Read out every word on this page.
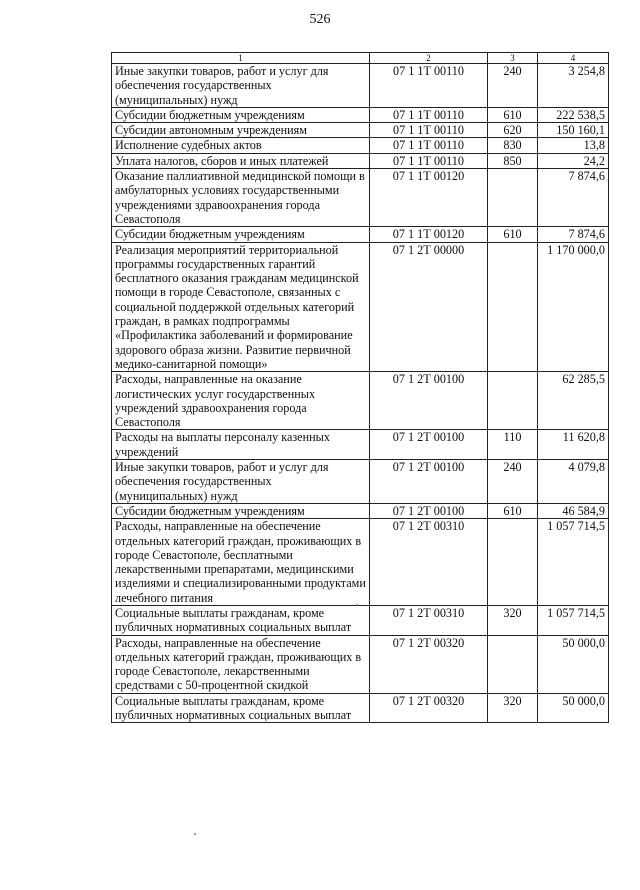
526
1	2	3	4
Иные закупки товаров, работ и услуг для обеспечения государственных (муниципальных) нужд	07 1 1Т 00110	240	3 254,8
Субсидии бюджетным учреждениям	07 1 1Т 00110	610	222 538,5
Субсидии автономным учреждениям	07 1 1Т 00110	620	150 160,1
Исполнение судебных актов	07 1 1Т 00110	830	13,8
Уплата налогов, сборов и иных платежей	07 1 1Т 00110	850	24,2
Оказание паллиативной медицинской помощи в амбулаторных условиях государственными учреждениями здравоохранения города Севастополя	07 1 1Т 00120		7 874,6
Субсидии бюджетным учреждениям	07 1 1Т 00120	610	7 874,6
Реализация мероприятий территориальной программы государственных гарантий бесплатного оказания гражданам медицинской помощи в городе Севастополе, связанных с социальной поддержкой отдельных категорий граждан, в рамках подпрограммы «Профилактика заболеваний и формирование здорового образа жизни. Развитие первичной медико-санитарной помощи»	07 1 2Т 00000		1 170 000,0
Расходы, направленные на оказание логистических услуг государственных учреждений здравоохранения города Севастополя	07 1 2Т 00100		62 285,5
Расходы на выплаты персоналу казенных учреждений	07 1 2Т 00100	110	11 620,8
Иные закупки товаров, работ и услуг для обеспечения государственных (муниципальных) нужд	07 1 2Т 00100	240	4 079,8
Субсидии бюджетным учреждениям	07 1 2Т 00100	610	46 584,9
Расходы, направленные на обеспечение отдельных категорий граждан, проживающих в городе Севастополе, бесплатными лекарственными препаратами, медицинскими изделиями и специализированными продуктами лечебного питания	07 1 2Т 00310		1 057 714,5
Социальные выплаты гражданам, кроме публичных нормативных социальных выплат	07 1 2Т 00310	320	1 057 714,5
Расходы, направленные на обеспечение отдельных категорий граждан, проживающих в городе Севастополе, лекарственными средствами с 50-процентной скидкой	07 1 2Т 00320		50 000,0
Социальные выплаты гражданам, кроме публичных нормативных социальных выплат	07 1 2Т 00320	320	50 000,0
